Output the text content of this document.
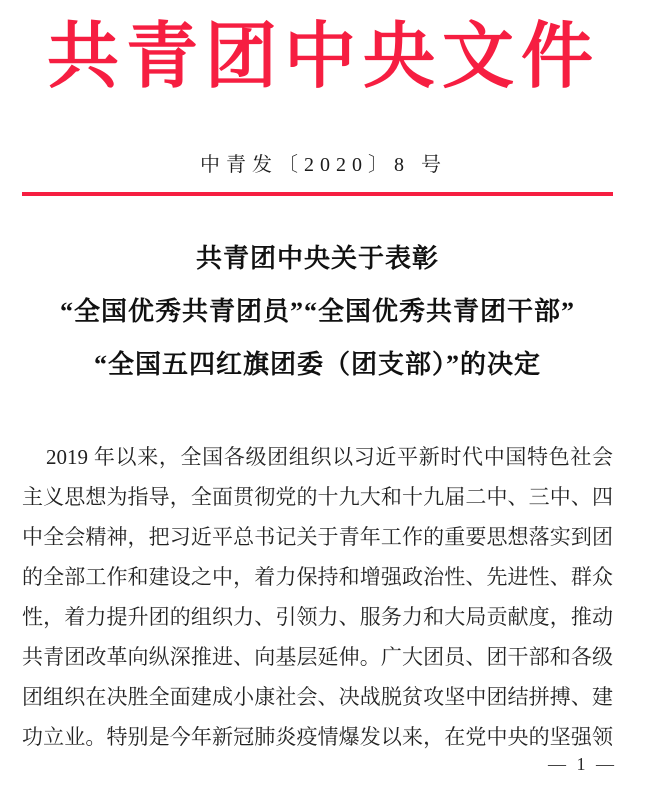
共青团中央文件
中青发〔2020〕8 号
共青团中央关于表彰
“全国优秀共青团员”“全国优秀共青团干部”
“全国五四红旗团委（团支部）”的决定
2019 年以来，全国各级团组织以习近平新时代中国特色社会
主义思想为指导，全面贯彻党的十九大和十九届二中、三中、四
中全会精神，把习近平总书记关于青年工作的重要思想落实到团
的全部工作和建设之中，着力保持和增强政治性、先进性、群众
性，着力提升团的组织力、引领力、服务力和大局贡献度，推动
共青团改革向纵深推进、向基层延伸。广大团员、团干部和各级
团组织在决胜全面建成小康社会、决战脱贫攻坚中团结拼搏、建
功立业。特别是今年新冠肺炎疫情爆发以来，在党中央的坚强领
— 1 —
